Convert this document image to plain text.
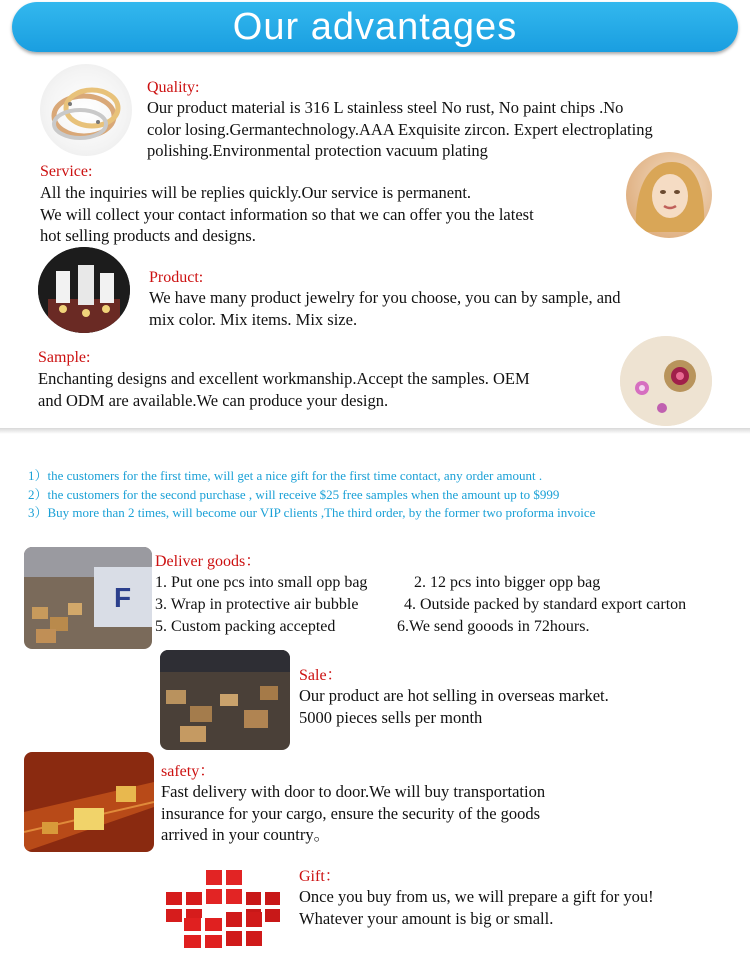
Our advantages
Quality:
Our product material is 316 L stainless steel No rust, No paint chips .No
color losing.Germantechnology.AAA Exquisite zircon. Expert electroplating
polishing.Environmental protection vacuum plating
Service:
All the inquiries will be replies quickly.Our service is permanent.
We will collect your contact information so that we can offer you the latest
hot selling products and designs.
Product:
We have many product jewelry for you choose, you can by sample, and
mix color. Mix items. Mix size.
Sample:
Enchanting designs and excellent workmanship.Accept the samples. OEM
and ODM are available.We can produce your design.
1）the customers for the first time, will get a nice gift for the first time contact, any order amount .
2）the customers for the second purchase , will receive $25 free samples when the amount up to $999
3）Buy more than 2 times, will become our VIP clients ,The third order, by the former two proforma invoice
F
Deliver goods：
1. Put one pcs into small opp bag	2. 12 pcs into bigger opp bag
3. Wrap in protective air bubble	4. Outside packed by standard export carton
5. Custom packing accepted	6.We send gooods in 72hours.
Sale：
Our product are hot selling in overseas market.
5000 pieces sells per month
safety：
Fast delivery with door to door.We will buy transportation
insurance for your cargo, ensure the security of the goods
arrived in your country。
Gift：
Once you buy from us, we will prepare a gift for you!
Whatever your amount is big or small.
